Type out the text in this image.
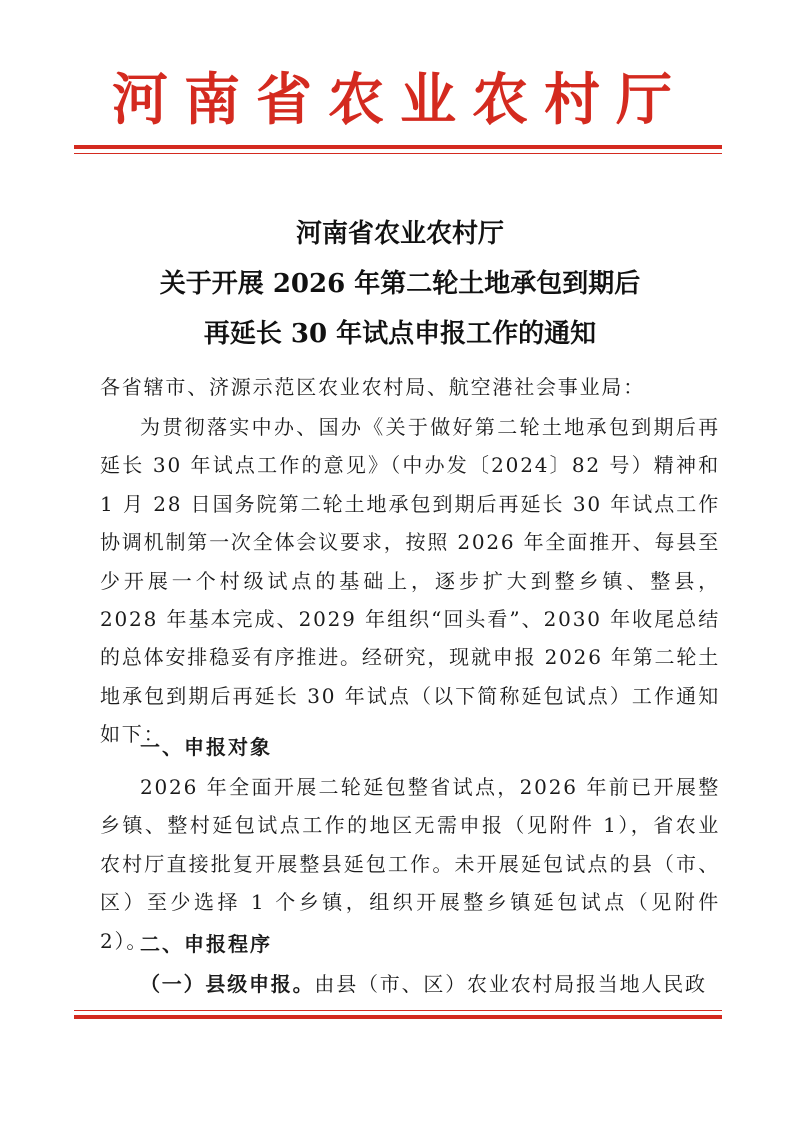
河南省农业农村厅
河南省农业农村厅
关于开展 2026 年第二轮土地承包到期后
再延长 30 年试点申报工作的通知
各省辖市、济源示范区农业农村局、航空港社会事业局：
为贯彻落实中办、国办《关于做好第二轮土地承包到期后再延长 30 年试点工作的意见》（中办发〔2024〕82 号）精神和 1 月 28 日国务院第二轮土地承包到期后再延长 30 年试点工作协调机制第一次全体会议要求，按照 2026 年全面推开、每县至少开展一个村级试点的基础上，逐步扩大到整乡镇、整县，2028 年基本完成、2029 年组织“回头看”、2030 年收尾总结的总体安排稳妥有序推进。经研究，现就申报 2026 年第二轮土地承包到期后再延长 30 年试点（以下简称延包试点）工作通知如下：
一、申报对象
2026 年全面开展二轮延包整省试点，2026 年前已开展整乡镇、整村延包试点工作的地区无需申报（见附件 1），省农业农村厅直接批复开展整县延包工作。未开展延包试点的县（市、区）至少选择 1 个乡镇，组织开展整乡镇延包试点（见附件 2）。
二、申报程序
（一）县级申报。由县（市、区）农业农村局报当地人民政
